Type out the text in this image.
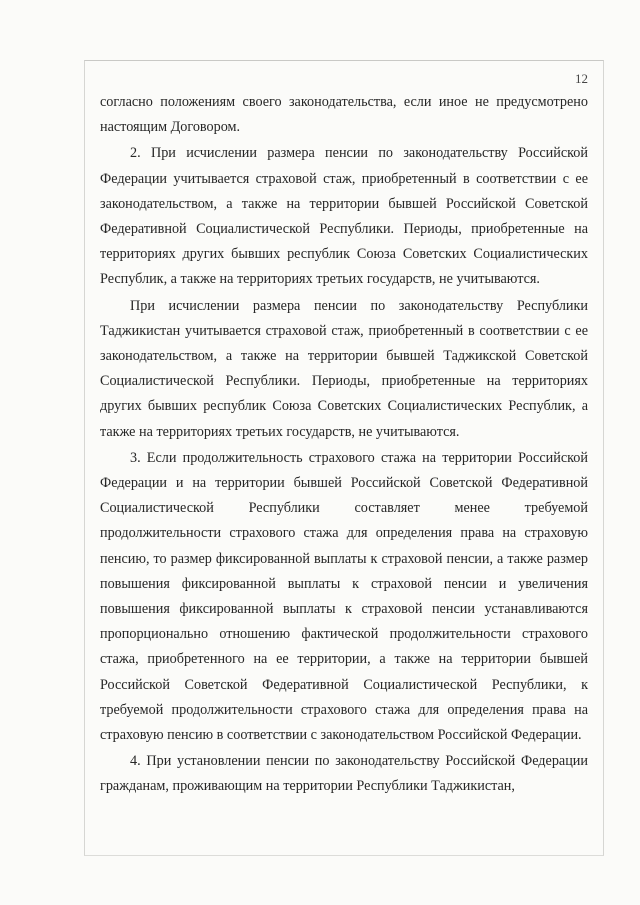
12

согласно положениям своего законодательства, если иное не предусмотрено настоящим Договором.

2. При исчислении размера пенсии по законодательству Российской Федерации учитывается страховой стаж, приобретенный в соответствии с ее законодательством, а также на территории бывшей Российской Советской Федеративной Социалистической Республики. Периоды, приобретенные на территориях других бывших республик Союза Советских Социалистических Республик, а также на территориях третьих государств, не учитываются.

При исчислении размера пенсии по законодательству Республики Таджикистан учитывается страховой стаж, приобретенный в соответствии с ее законодательством, а также на территории бывшей Таджикской Советской Социалистической Республики. Периоды, приобретенные на территориях других бывших республик Союза Советских Социалистических Республик, а также на территориях третьих государств, не учитываются.

3. Если продолжительность страхового стажа на территории Российской Федерации и на территории бывшей Российской Советской Федеративной Социалистической Республики составляет менее требуемой продолжительности страхового стажа для определения права на страховую пенсию, то размер фиксированной выплаты к страховой пенсии, а также размер повышения фиксированной выплаты к страховой пенсии и увеличения повышения фиксированной выплаты к страховой пенсии устанавливаются пропорционально отношению фактической продолжительности страхового стажа, приобретенного на ее территории, а также на территории бывшей Российской Советской Федеративной Социалистической Республики, к требуемой продолжительности страхового стажа для определения права на страховую пенсию в соответствии с законодательством Российской Федерации.

4. При установлении пенсии по законодательству Российской Федерации гражданам, проживающим на территории Республики Таджикистан,
